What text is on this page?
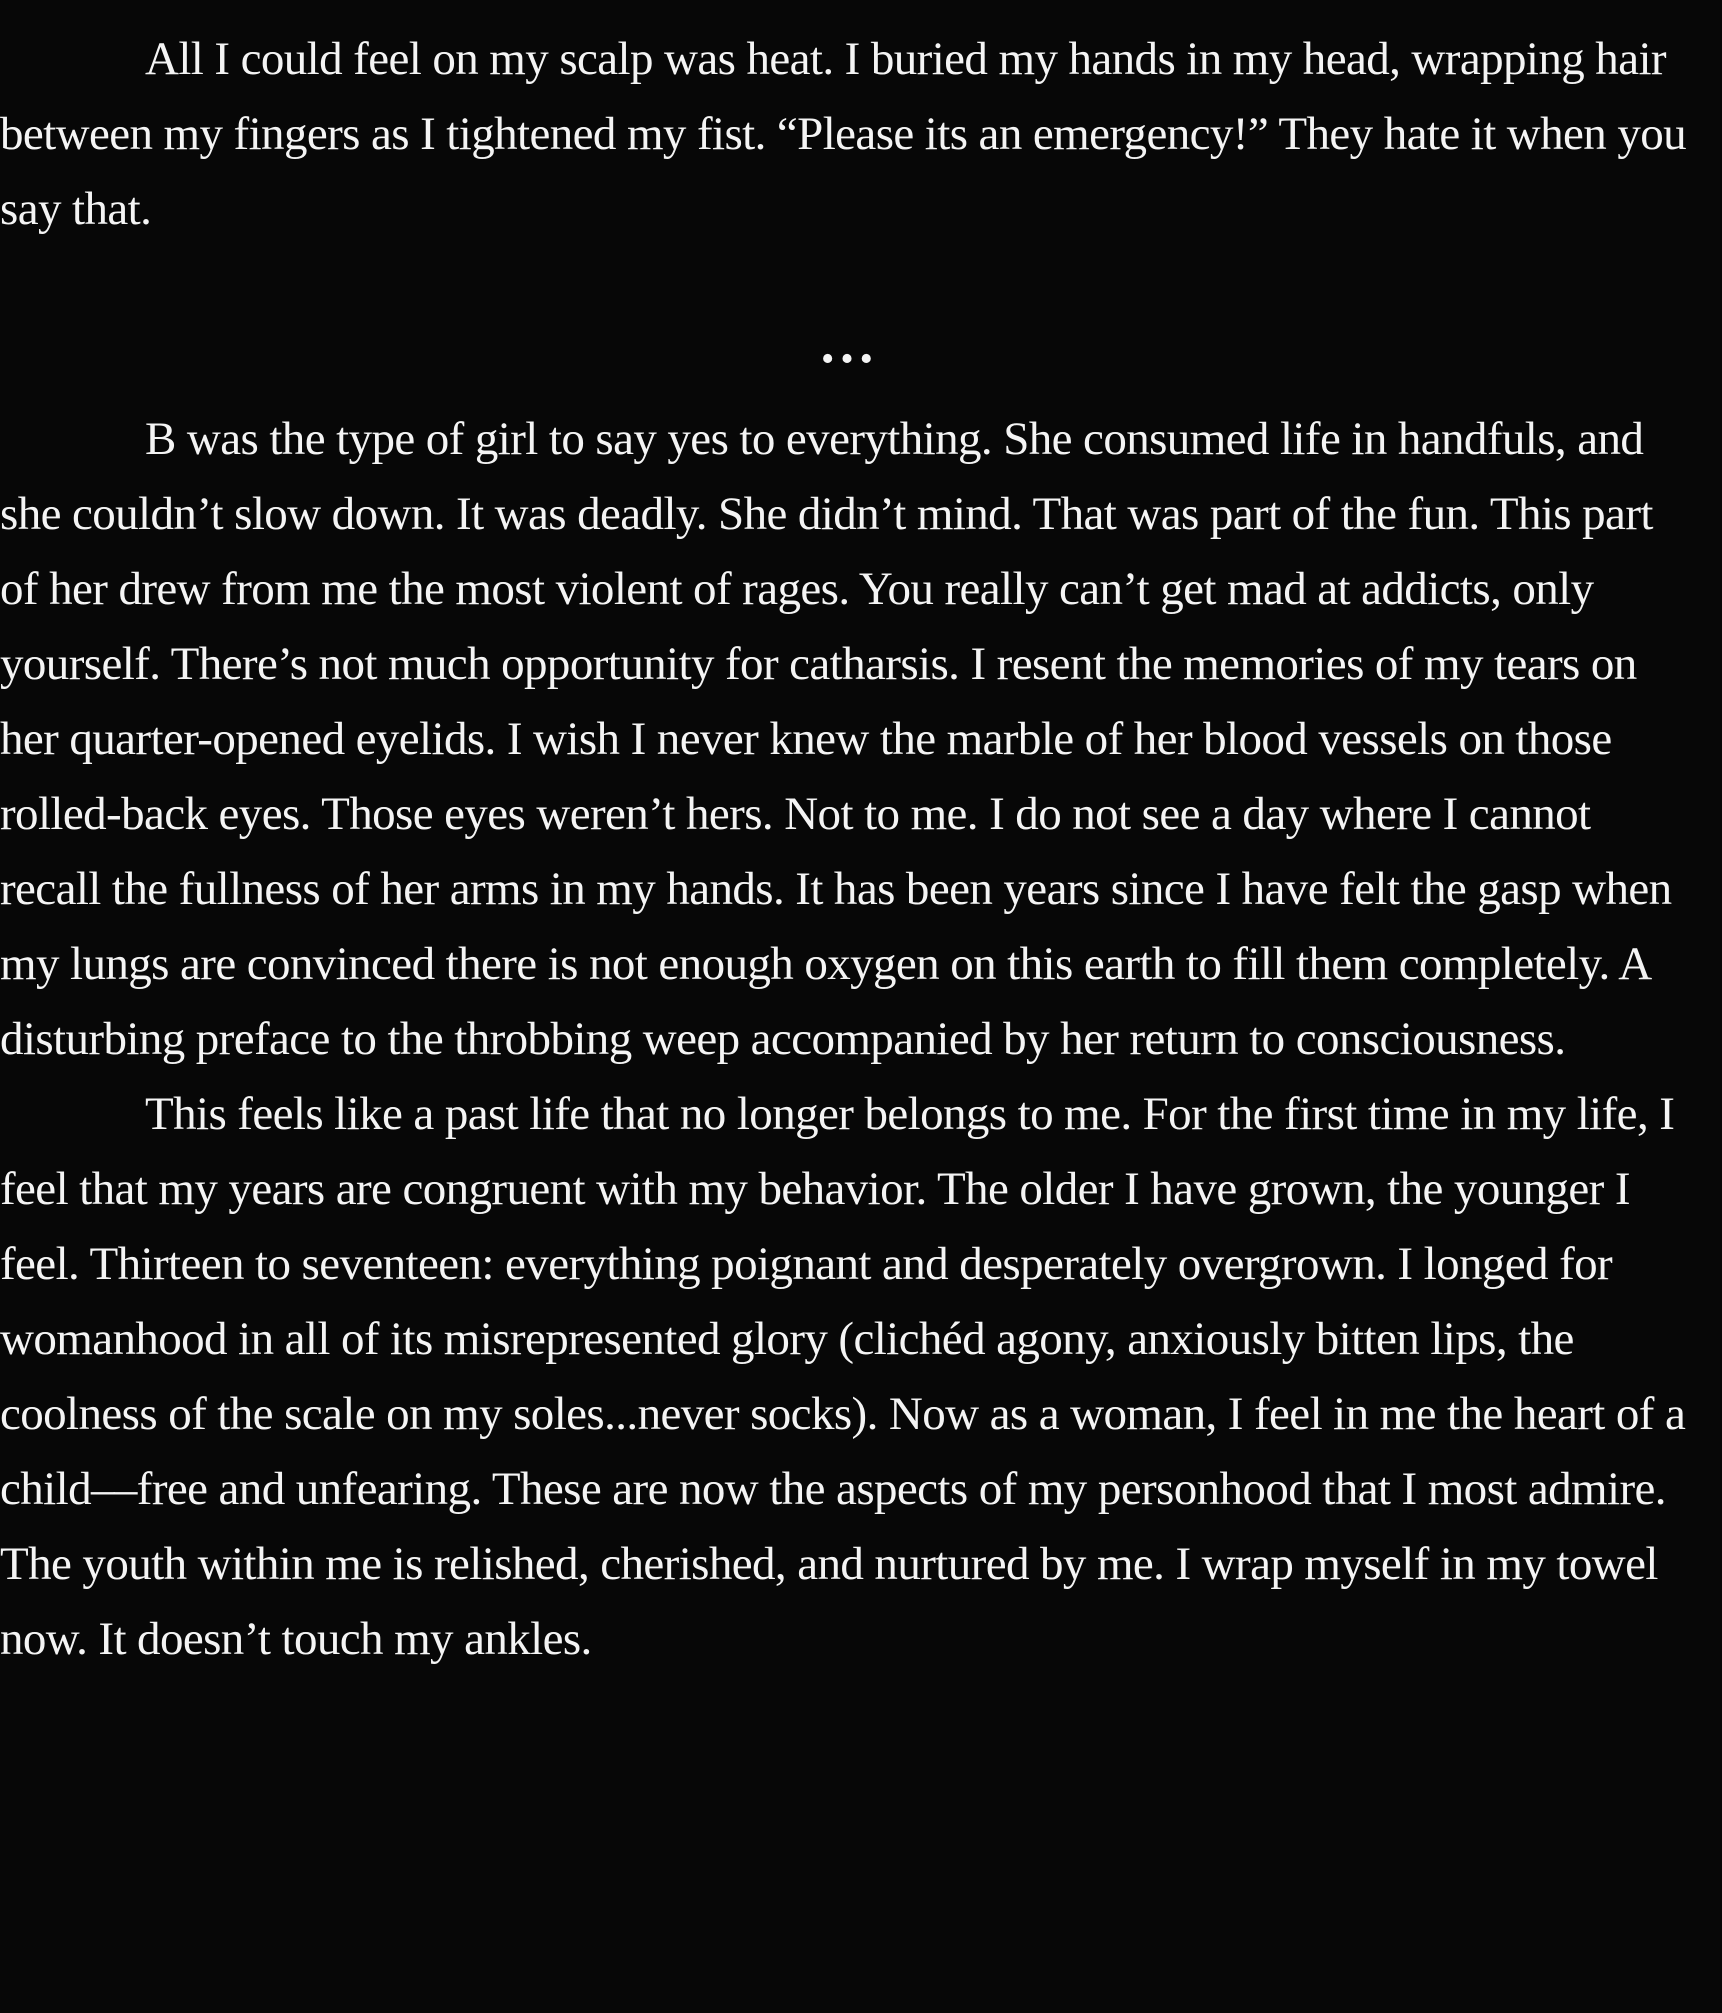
All I could feel on my scalp was heat. I buried my hands in my head, wrapping hair between my fingers as I tightened my fist. “Please its an emergency!” They hate it when you say that.

•••

B was the type of girl to say yes to everything. She consumed life in handfuls, and she couldn’t slow down. It was deadly. She didn’t mind. That was part of the fun. This part of her drew from me the most violent of rages. You really can’t get mad at addicts, only yourself. There’s not much opportunity for catharsis. I resent the memories of my tears on her quarter-opened eyelids. I wish I never knew the marble of her blood vessels on those rolled-back eyes. Those eyes weren’t hers. Not to me. I do not see a day where I cannot recall the fullness of her arms in my hands. It has been years since I have felt the gasp when my lungs are convinced there is not enough oxygen on this earth to fill them completely. A disturbing preface to the throbbing weep accompanied by her return to consciousness.

This feels like a past life that no longer belongs to me. For the first time in my life, I feel that my years are congruent with my behavior. The older I have grown, the younger I feel. Thirteen to seventeen: everything poignant and desperately overgrown. I longed for womanhood in all of its misrepresented glory (clichéd agony, anxiously bitten lips, the coolness of the scale on my soles...never socks). Now as a woman, I feel in me the heart of a child––free and unfearing. These are now the aspects of my personhood that I most admire. The youth within me is relished, cherished, and nurtured by me. I wrap myself in my towel now. It doesn’t touch my ankles.
